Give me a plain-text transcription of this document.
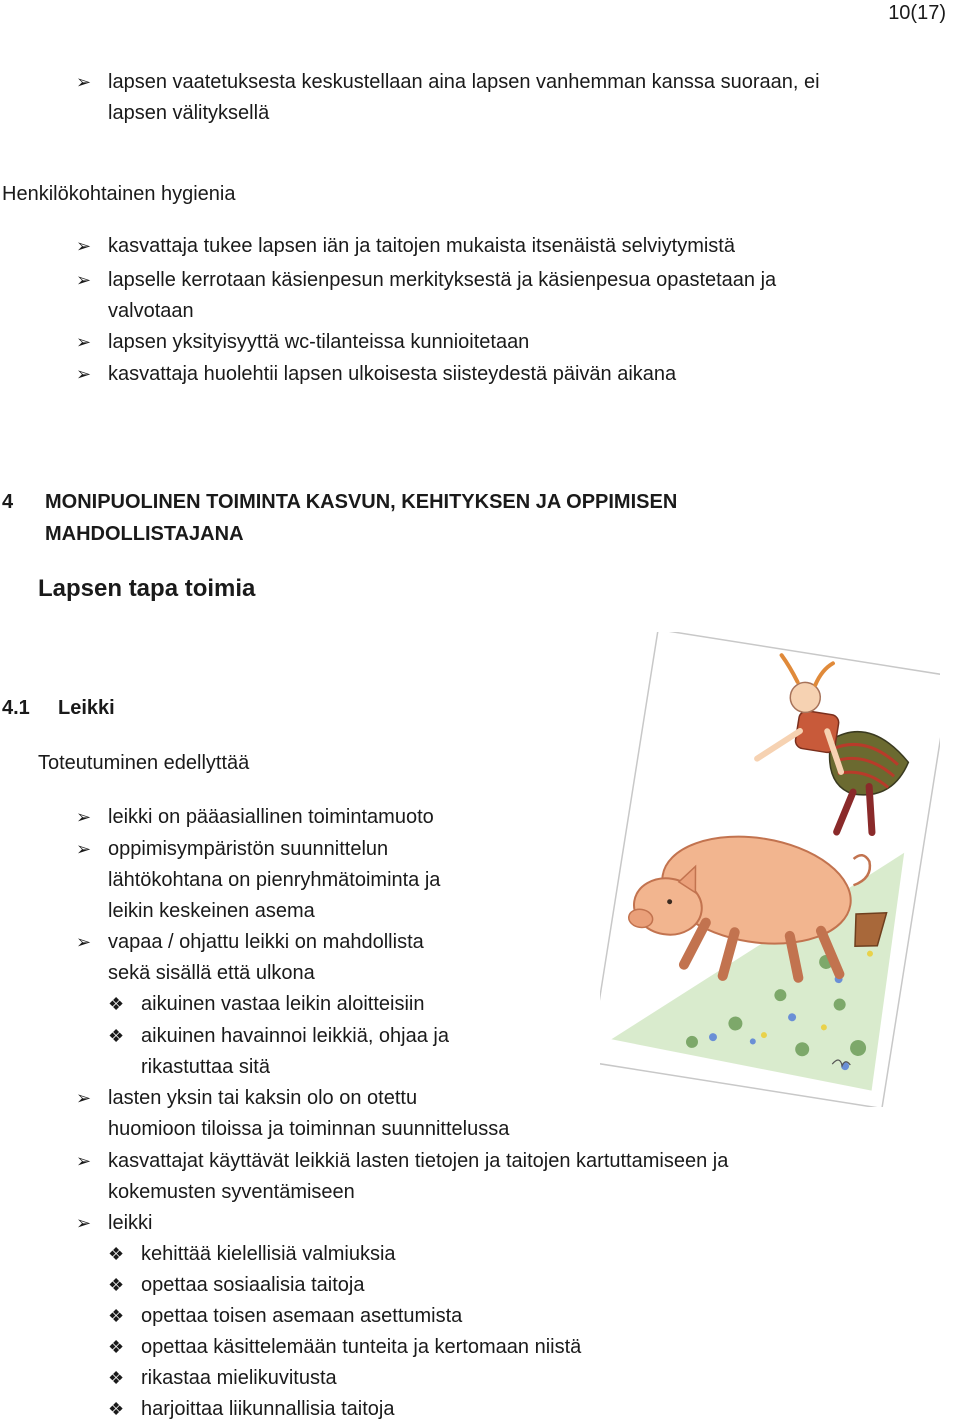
10(17)
➢ lapsen vaatetuksesta keskustellaan aina lapsen vanhemman kanssa suoraan, ei
lapsen välityksellä
Henkilökohtainen hygienia
➢ kasvattaja tukee lapsen iän ja taitojen mukaista itsenäistä selviytymistä
➢ lapselle kerrotaan käsienpesun merkityksestä ja käsienpesua opastetaan ja
valvotaan
➢ lapsen yksityisyyttä wc-tilanteissa kunnioitetaan
➢ kasvattaja huolehtii lapsen ulkoisesta siisteydestä päivän aikana
4 MONIPUOLINEN TOIMINTA KASVUN, KEHITYKSEN JA OPPIMISEN
MAHDOLLISTAJANA
Lapsen tapa toimia
4.1 Leikki
Toteutuminen edellyttää
➢ leikki on pääasiallinen toimintamuoto
➢ oppimisympäristön suunnittelun
lähtökohtana on pienryhmätoiminta ja
leikin keskeinen asema
➢ vapaa / ohjattu leikki on mahdollista
sekä sisällä että ulkona
❖ aikuinen vastaa leikin aloitteisiin
❖ aikuinen havainnoi leikkiä, ohjaa ja
rikastuttaa sitä
➢ lasten yksin tai kaksin olo on otettu
huomioon tiloissa ja toiminnan suunnittelussa
➢ kasvattajat käyttävät leikkiä lasten tietojen ja taitojen kartuttamiseen ja
kokemusten syventämiseen
➢ leikki
❖ kehittää kielellisiä valmiuksia
❖ opettaa sosiaalisia taitoja
❖ opettaa toisen asemaan asettumista
❖ opettaa käsittelemään tunteita ja kertomaan niistä
❖ rikastaa mielikuvitusta
❖ harjoittaa liikunnallisia taitoja
